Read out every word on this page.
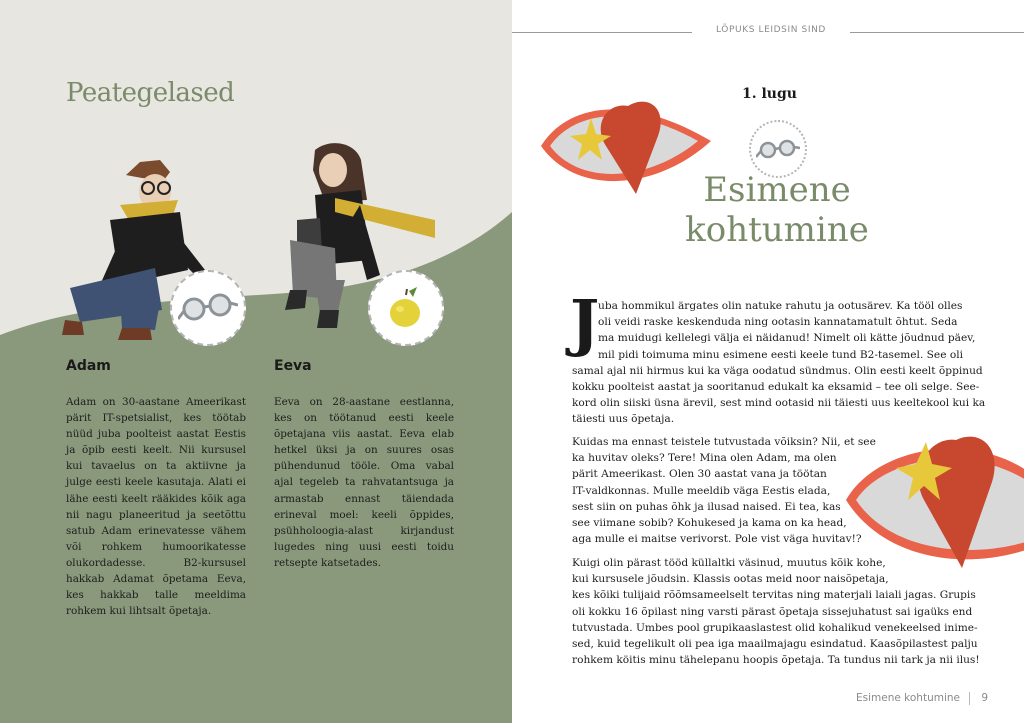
Peategelased
Adam	Eeva

Adam on 30-aastane Ameerikast pärit IT-spetsialist, kes töötab nüüd juba poolteist aastat Eestis ja õpib eesti keelt. Nii kursusel kui tavaelus on ta aktiivne ja julge eesti keele kasutaja. Alati ei lähe eesti keelt rääkides kõik aga nii nagu planeeritud ja seetõttu satub Adam erinevatesse vähem või rohkem humoorikatesse olukordadesse. B2-kursusel hakkab Adamat õpetama Eeva, kes hakkab talle meeldima rohkem kui lihtsalt õpetaja.

Eeva on 28-aastane eestlanna, kes on töötanud eesti keele õpetajana viis aastat. Eeva elab hetkel üksi ja on suures osas pühendunud tööle. Oma vabal ajal tegeleb ta rahvatantsuga ja armastab ennast täiendada erineval moel: keeli õppides, psühholoogia-alast kirjandust lugedes ning uusi eesti toidu retsepte katsetades.

LÕPUKS LEIDSIN SIND
1. lugu
Esimene
kohtumine
J
uba hommikul ärgates olin natuke rahutu ja ootusärev. Ka tööl olles
oli veidi raske keskenduda ning ootasin kannatamatult õhtut. Seda
ma muidugi kellelegi välja ei näidanud! Nimelt oli kätte jõudnud päev,
mil pidi toimuma minu esimene eesti keele tund B2-tasemel. See oli
samal ajal nii hirmus kui ka väga oodatud sündmus. Olin eesti keelt õppinud
kokku poolteist aastat ja sooritanud edukalt ka eksamid – tee oli selge. See-
kord olin siiski üsna ärevil, sest mind ootasid nii täiesti uus keeltekool kui ka
täiesti uus õpetaja.
Kuidas ma ennast teistele tutvustada võiksin? Nii, et see
ka huvitav oleks? Tere! Mina olen Adam, ma olen
pärit Ameerikast. Olen 30 aastat vana ja töötan
IT-valdkonnas. Mulle meeldib väga Eestis elada,
sest siin on puhas õhk ja ilusad naised. Ei tea, kas
see viimane sobib? Kohukesed ja kama on ka head,
aga mulle ei maitse verivorst. Pole vist väga huvitav!?
Kuigi olin pärast tööd küllaltki väsinud, muutus kõik kohe,
kui kursusele jõudsin. Klassis ootas meid noor naisõpetaja,
kes kõiki tulijaid rõõmsameelselt tervitas ning materjali laiali jagas. Grupis
oli kokku 16 õpilast ning varsti pärast õpetaja sissejuhatust sai igaüks end
tutvustada. Umbes pool grupikaaslastest olid kohalikud venekeelsed inime-
sed, kuid tegelikult oli pea iga maailmajagu esindatud. Kaasõpilastest palju
rohkem köitis minu tähelepanu hoopis õpetaja. Ta tundus nii tark ja nii ilus!
Esimene kohtumine 9
